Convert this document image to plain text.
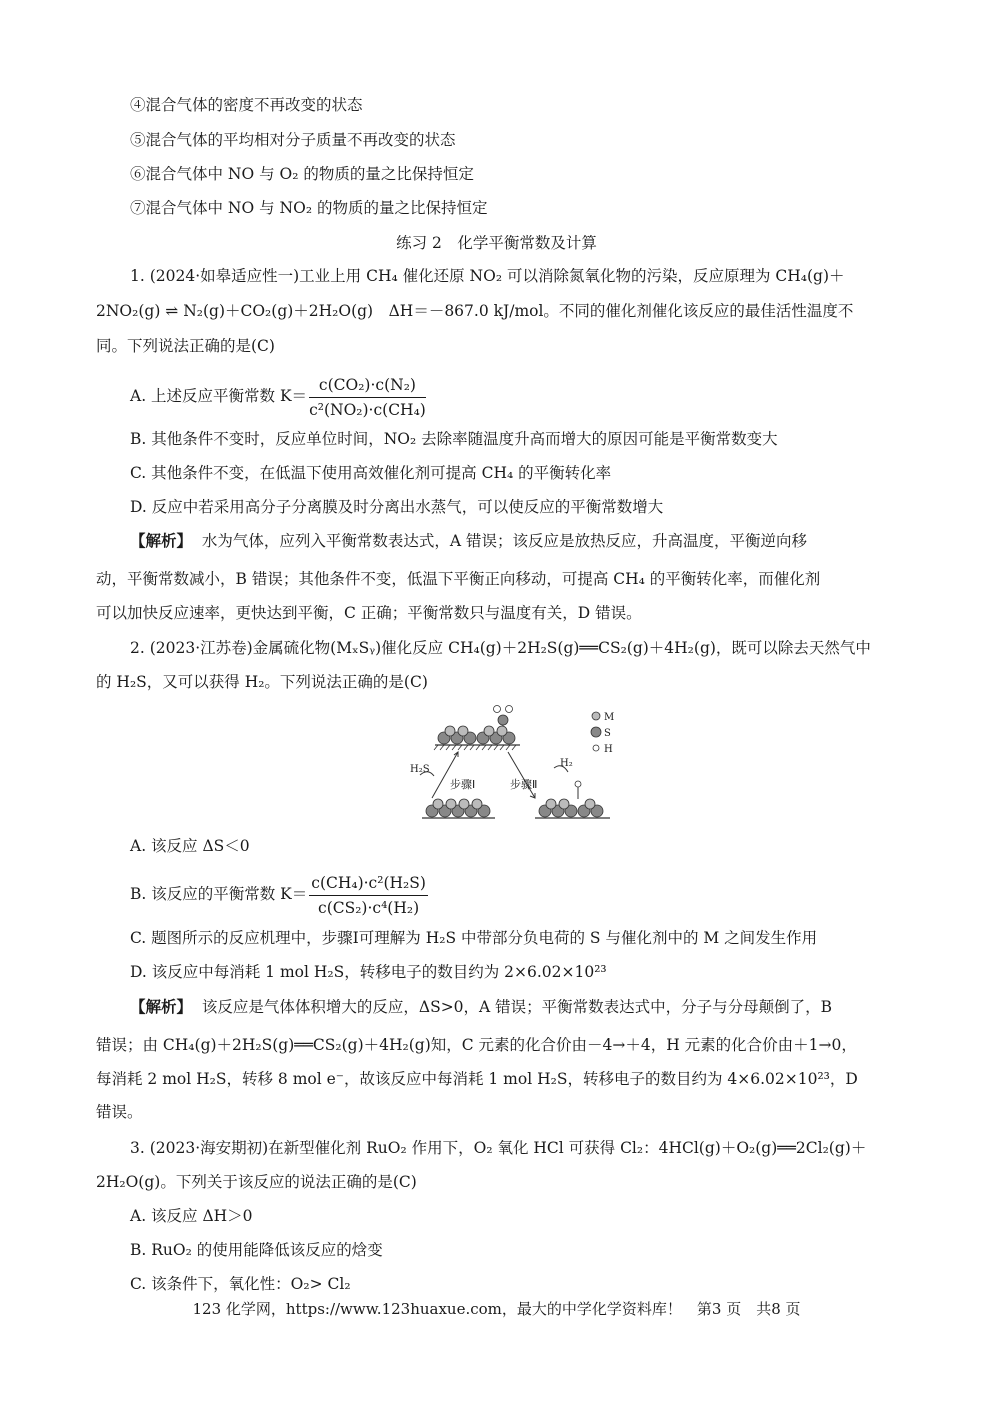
④混合气体的密度不再改变的状态
⑤混合气体的平均相对分子质量不再改变的状态
⑥混合气体中 NO 与 O₂ 的物质的量之比保持恒定
⑦混合气体中 NO 与 NO₂ 的物质的量之比保持恒定
练习 2　化学平衡常数及计算
1. (2024·如皋适应性一)工业上用 CH₄ 催化还原 NO₂ 可以消除氮氧化物的污染，反应原理为 CH₄(g)＋
2NO₂(g) ⇌ N₂(g)＋CO₂(g)＋2H₂O(g)　ΔH＝－867.0 kJ/mol。不同的催化剂催化该反应的最佳活性温度不
同。下列说法正确的是(C)
A. 上述反应平衡常数 $K= \frac{\text{c(CO₂)·c(N₂)}}{\text{c²(NO₂)·c(CH₄)}}$
B. 其他条件不变时，反应单位时间，NO₂ 去除率随温度升高而增大的原因可能是平衡常数变大
C. 其他条件不变，在低温下使用高效催化剂可提高 CH₄ 的平衡转化率
D. 反应中若采用高分子分离膜及时分离出水蒸气，可以使反应的平衡常数增大
【解析】 水为气体，应列入平衡常数表达式，A 错误；该反应是放热反应，升高温度，平衡逆向移
动，平衡常数减小，B 错误；其他条件不变，低温下平衡正向移动，可提高 CH₄ 的平衡转化率，而催化剂
可以加快反应速率，更快达到平衡，C 正确；平衡常数只与温度有关，D 错误。
2. (2023·江苏卷)金属硫化物(MₓSᵧ)催化反应 CH₄(g)＋2H₂S(g)══CS₂(g)＋4H₂(g)，既可以除去天然气中
的 H₂S，又可以获得 H₂。下列说法正确的是(C)
H₂S
步骤Ⅰ	步骤Ⅱ
H₂
M
S
H
A. 该反应 ΔS＜0
B. 该反应的平衡常数 $K= \frac{\text{c(CH₄)·c²(H₂S)}}{\text{c(CS₂)·c⁴(H₂)}}$
C. 题图所示的反应机理中，步骤Ⅰ可理解为 H₂S 中带部分负电荷的 S 与催化剂中的 M 之间发生作用
D. 该反应中每消耗 1 mol H₂S，转移电子的数目约为 2×6.02×10²³
【解析】 该反应是气体体积增大的反应，ΔS>0，A 错误；平衡常数表达式中，分子与分母颠倒了，B
错误；由 CH₄(g)＋2H₂S(g)══CS₂(g)＋4H₂(g)知，C 元素的化合价由－4→＋4，H 元素的化合价由＋1→0，
每消耗 2 mol H₂S，转移 8 mol e⁻，故该反应中每消耗 1 mol H₂S，转移电子的数目约为 4×6.02×10²³，D
错误。
3. (2023·海安期初)在新型催化剂 RuO₂ 作用下，O₂ 氧化 HCl 可获得 Cl₂：4HCl(g)＋O₂(g)══2Cl₂(g)＋
2H₂O(g)。下列关于该反应的说法正确的是(C)
A. 该反应 ΔH＞0
B. RuO₂ 的使用能降低该反应的焓变
C. 该条件下，氧化性：O₂> Cl₂
123 化学网，https://www.123huaxue.com，最大的中学化学资料库！　第3 页　共8 页
